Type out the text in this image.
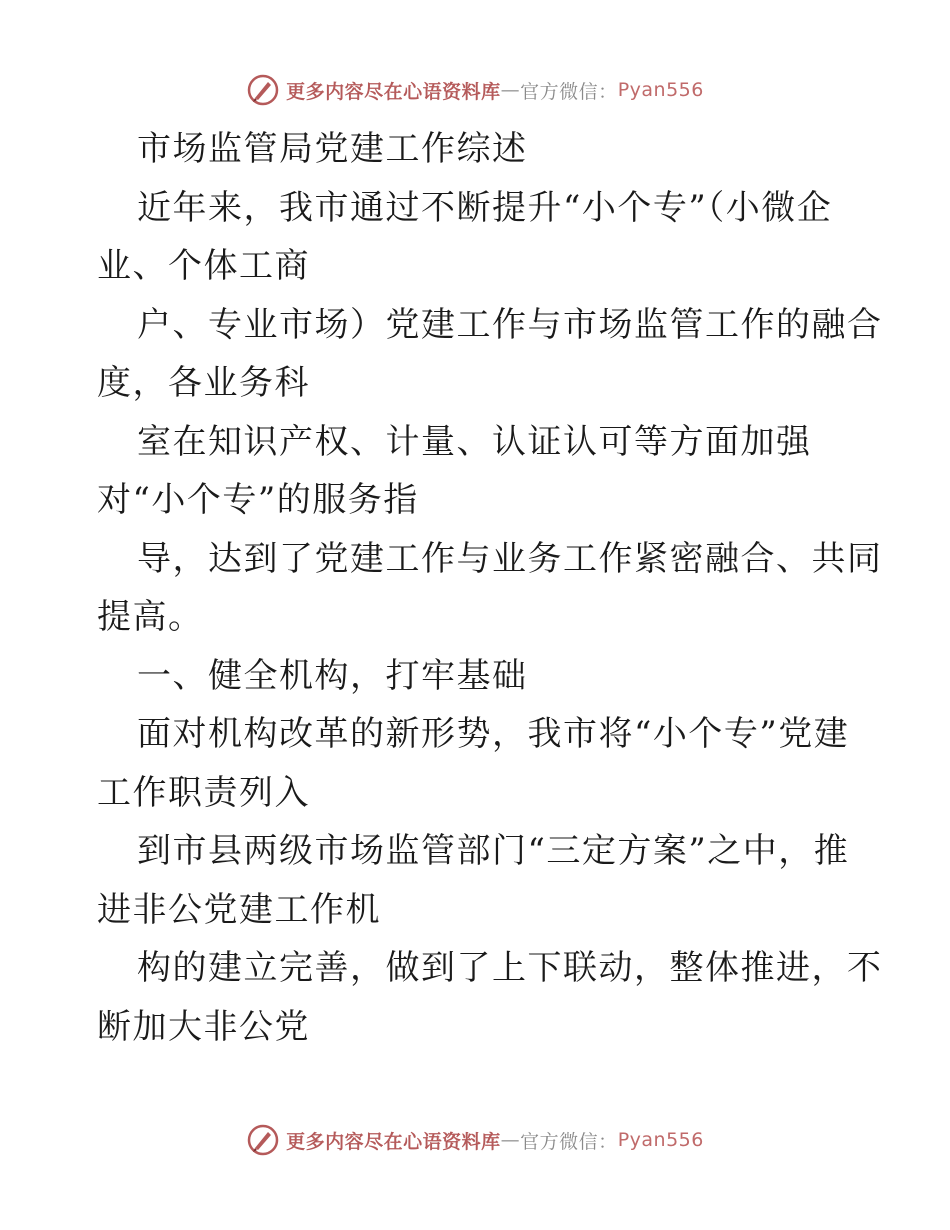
更多内容尽在心语资料库 — 官方微信： Pyan556
市场监管局党建工作综述
近年来，我市通过不断提升“小个专”（小微企
业、个体工商
户、专业市场）党建工作与市场监管工作的融合
度，各业务科
室在知识产权、计量、认证认可等方面加强
对“小个专”的服务指
导，达到了党建工作与业务工作紧密融合、共同
提高。
一、健全机构，打牢基础
面对机构改革的新形势，我市将“小个专”党建
工作职责列入
到市县两级市场监管部门“三定方案”之中，推
进非公党建工作机
构的建立完善，做到了上下联动，整体推进，不
断加大非公党
更多内容尽在心语资料库 — 官方微信： Pyan556
